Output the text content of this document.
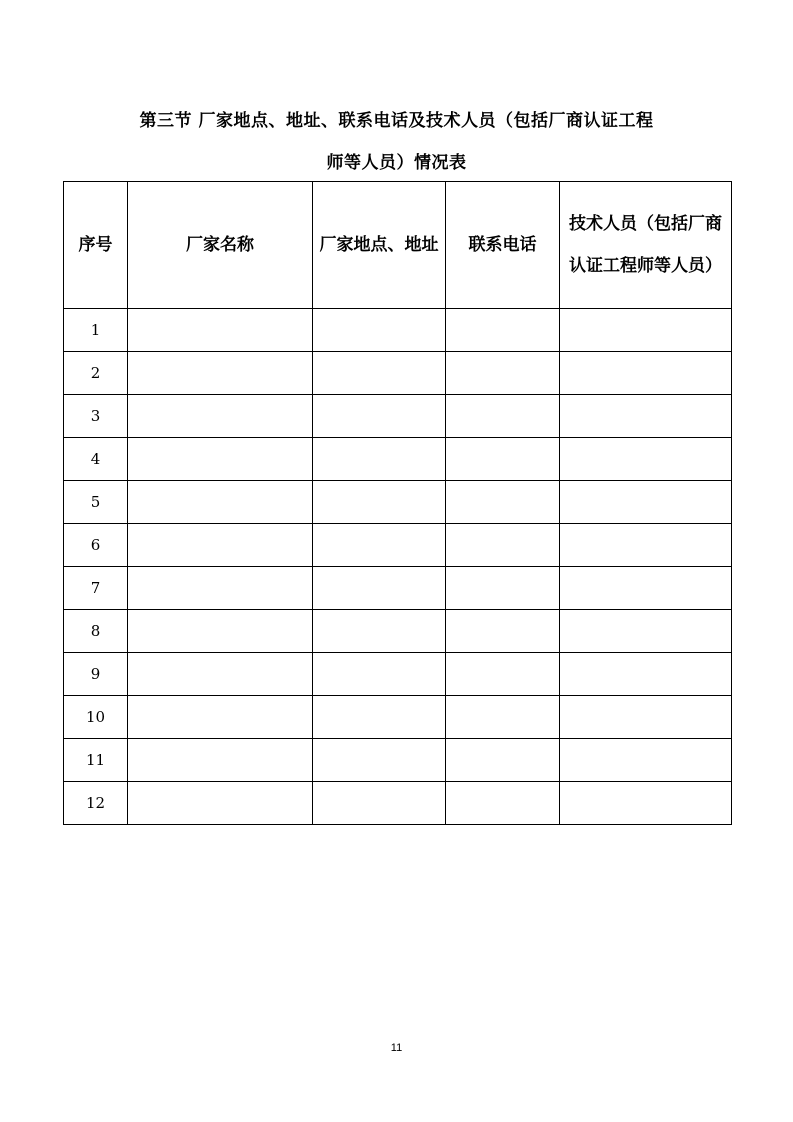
第三节 厂家地点、地址、联系电话及技术人员（包括厂商认证工程
师等人员）情况表
序号	厂家名称	厂家地点、地址	联系电话	技术人员（包括厂商认证工程师等人员）

1				
2				
3				
4				
5				
6				
7				
8				
9				
10				
11				
12				
11
